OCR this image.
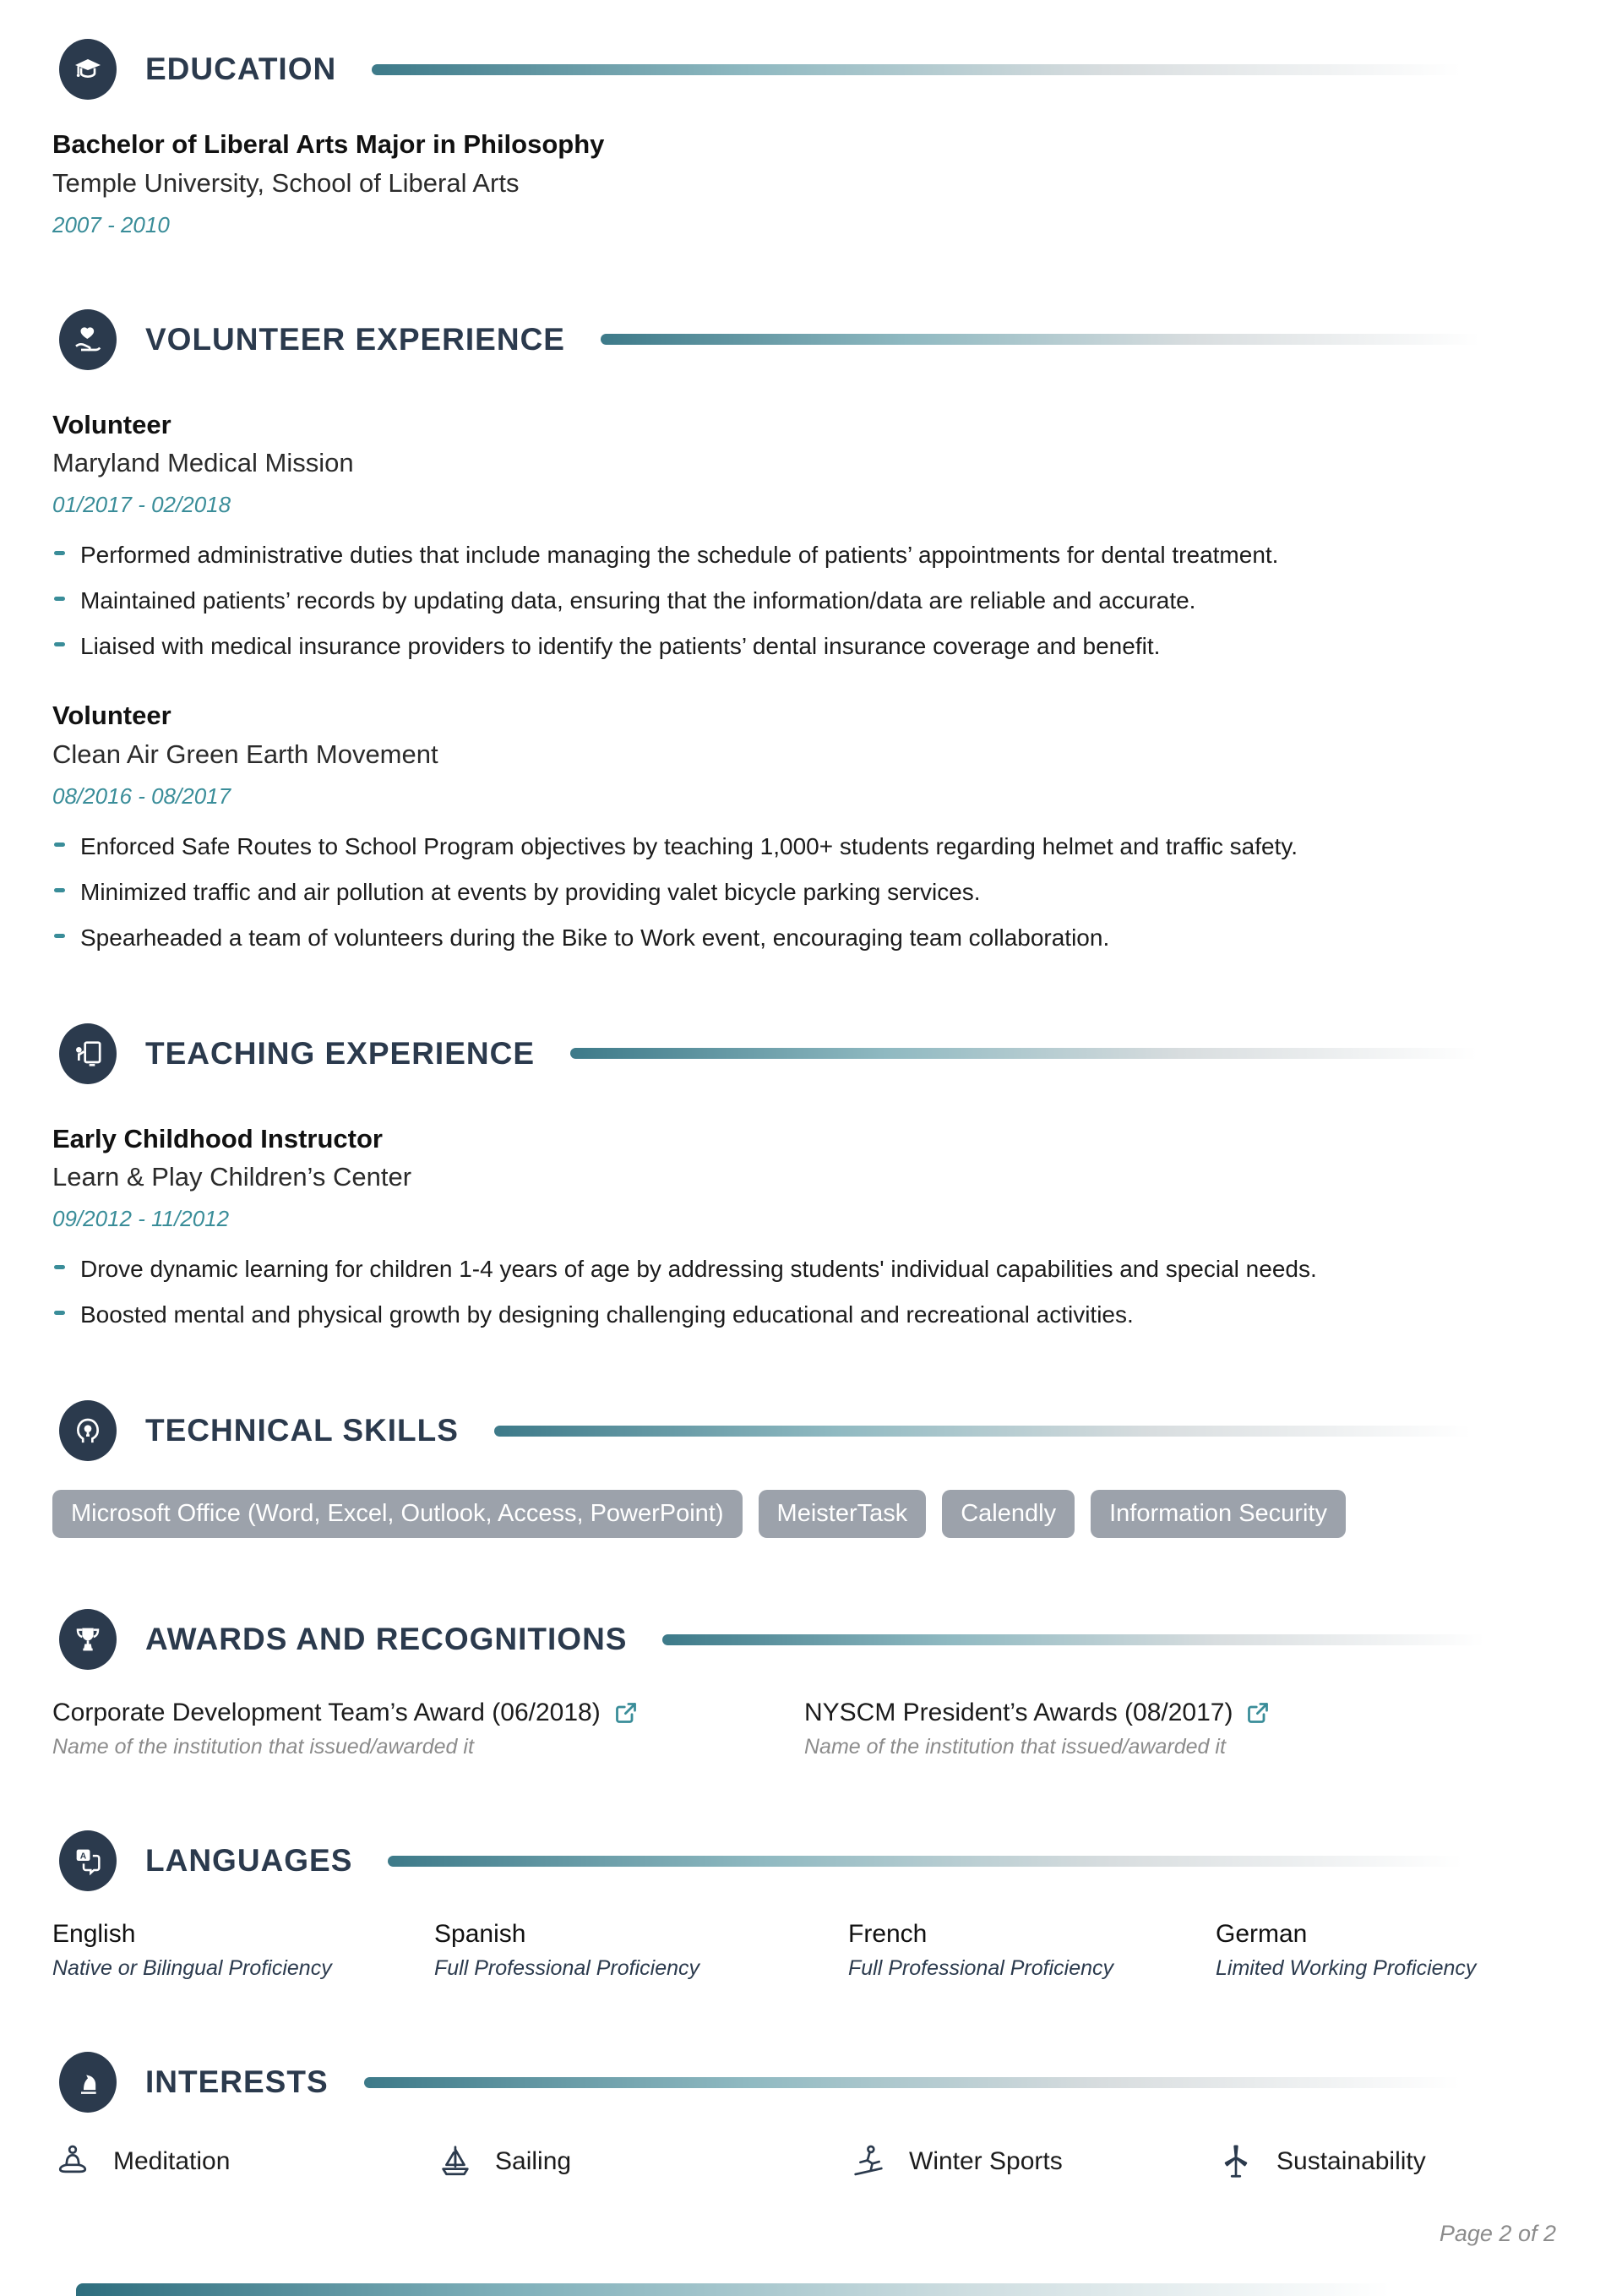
EDUCATION

Bachelor of Liberal Arts Major in Philosophy

Temple University, School of Liberal Arts

2007 - 2010

VOLUNTEER EXPERIENCE

Volunteer

Maryland Medical Mission

01/2017 - 02/2018

Performed administrative duties that include managing the schedule of patients’ appointments for dental treatment.
Maintained patients’ records by updating data, ensuring that the information/data are reliable and accurate.
Liaised with medical insurance providers to identify the patients’ dental insurance coverage and benefit.

Volunteer

Clean Air Green Earth Movement

08/2016 - 08/2017

Enforced Safe Routes to School Program objectives by teaching 1,000+ students regarding helmet and traffic safety.
Minimized traffic and air pollution at events by providing valet bicycle parking services.
Spearheaded a team of volunteers during the Bike to Work event, encouraging team collaboration.
TEACHING EXPERIENCE

Early Childhood Instructor

Learn & Play Children’s Center

09/2012 - 11/2012

Drove dynamic learning for children 1-4 years of age by addressing students' individual capabilities and special needs.
Boosted mental and physical growth by designing challenging educational and recreational activities.
TECHNICAL SKILLS
Microsoft Office (Word, Excel, Outlook, Access, PowerPoint)	MeisterTask	Calendly	Information Security
AWARDS AND RECOGNITIONS

Corporate Development Team’s Award (06/2018)

Name of the institution that issued/awarded it

NYSCM President’s Awards (08/2017)

Name of the institution that issued/awarded it

A LANGUAGES

English

Native or Bilingual Proficiency

Spanish

Full Professional Proficiency

French

Full Professional Proficiency

German

Limited Working Proficiency

INTERESTS
Meditation	Sailing	Winter Sports	Sustainability
Page 2 of 2
